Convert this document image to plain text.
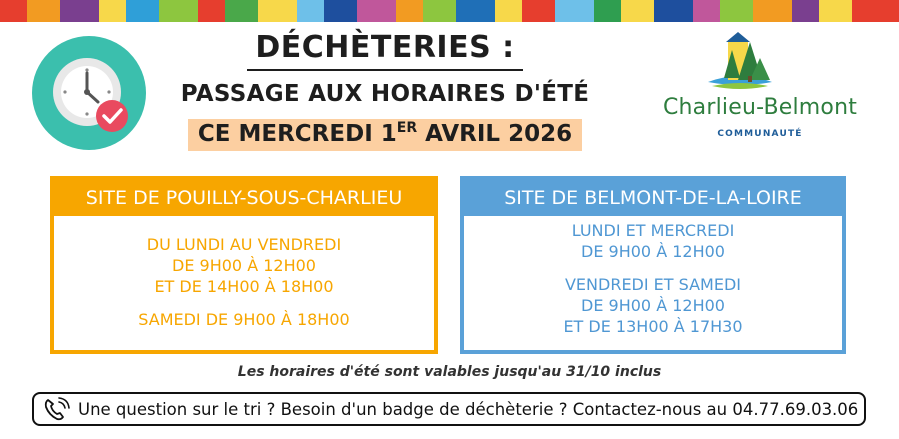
DÉCHÈTERIES :
PASSAGE AUX HORAIRES D'ÉTÉ
CE MERCREDI 1ER AVRIL 2026
Charlieu-Belmont
COMMUNAUTÉ
SITE DE POUILLY-SOUS-CHARLIEU
DU LUNDI AU VENDREDI
DE 9H00 À 12H00
ET DE 14H00 À 18H00
SAMEDI DE 9H00 À 18H00
SITE DE BELMONT-DE-LA-LOIRE
LUNDI ET MERCREDI
DE 9H00 À 12H00
VENDREDI ET SAMEDI
DE 9H00 À 12H00
ET DE 13H00 À 17H30
Les horaires d'été sont valables jusqu'au 31/10 inclus
Une question sur le tri ? Besoin d'un badge de déchèterie ? Contactez-nous au 04.77.69.03.06
